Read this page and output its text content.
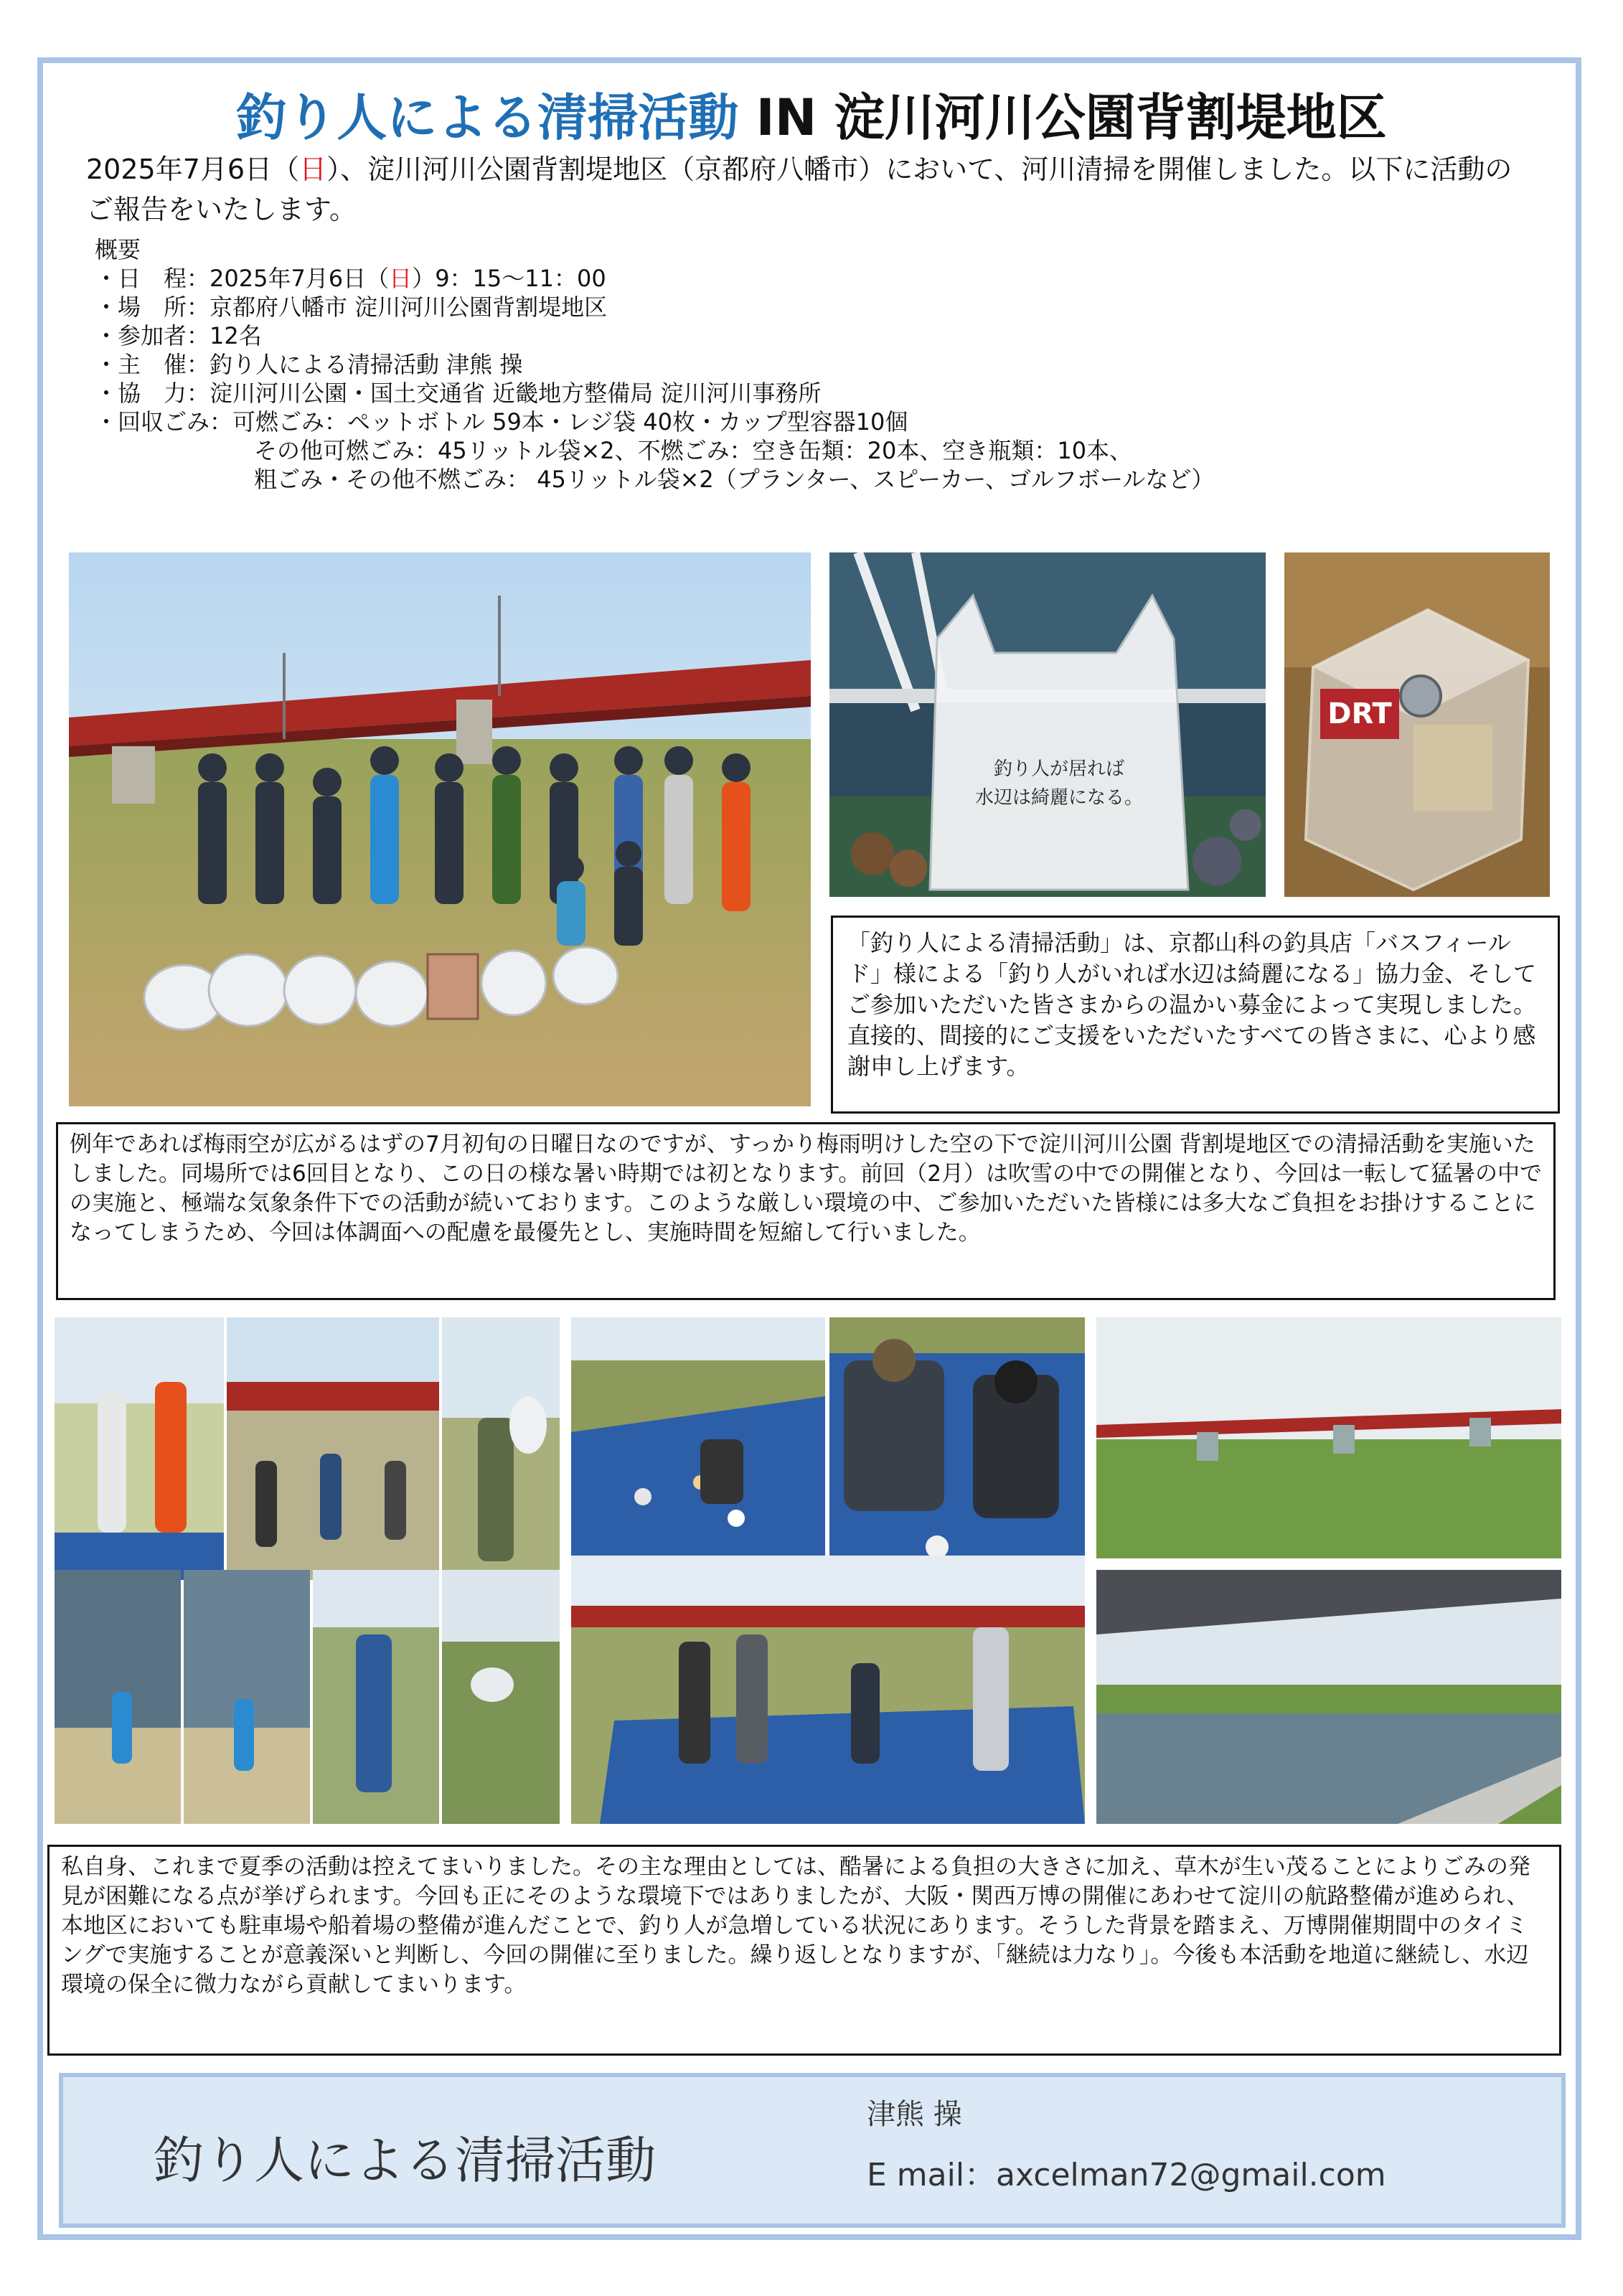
釣り人による清掃活動 IN 淀川河川公園背割堤地区
2025年7月6日（日）、淀川河川公園背割堤地区（京都府八幡市）において、河川清掃を開催しました。以下に活動のご報告をいたします。
概要
・日　程：2025年7月6日（日）9：15〜11：00
・場　所：京都府八幡市 淀川河川公園背割堤地区
・参加者：12名
・主　催：釣り人による清掃活動 津熊 操
・協　力：淀川河川公園・国土交通省 近畿地方整備局 淀川河川事務所
・回収ごみ：可燃ごみ：ペットボトル 59本・レジ袋 40枚・カップ型容器10個
その他可燃ごみ：45リットル袋×2、不燃ごみ：空き缶類：20本、空き瓶類：10本、
粗ごみ・その他不燃ごみ： 45リットル袋×2（プランター、スピーカー、ゴルフボールなど）
釣り人が居れば
水辺は綺麗になる。
DRT
「釣り人による清掃活動」は、京都山科の釣具店「バスフィールド」様による「釣り人がいれば水辺は綺麗になる」協力金、そしてご参加いただいた皆さまからの温かい募金によって実現しました。直接的、間接的にご支援をいただいたすべての皆さまに、心より感謝申し上げます。
例年であれば梅雨空が広がるはずの7月初旬の日曜日なのですが、すっかり梅雨明けした空の下で淀川河川公園 背割堤地区での清掃活動を実施いたしました。同場所では6回目となり、この日の様な暑い時期では初となります。前回（2月）は吹雪の中での開催となり、今回は一転して猛暑の中での実施と、極端な気象条件下での活動が続いております。このような厳しい環境の中、ご参加いただいた皆様には多大なご負担をお掛けすることになってしまうため、今回は体調面への配慮を最優先とし、実施時間を短縮して行いました。
私自身、これまで夏季の活動は控えてまいりました。その主な理由としては、酷暑による負担の大きさに加え、草木が生い茂ることによりごみの発見が困難になる点が挙げられます。今回も正にそのような環境下ではありましたが、大阪・関西万博の開催にあわせて淀川の航路整備が進められ、本地区においても駐車場や船着場の整備が進んだことで、釣り人が急増している状況にあります。そうした背景を踏まえ、万博開催期間中のタイミングで実施することが意義深いと判断し、今回の開催に至りました。繰り返しとなりますが、「継続は力なり」。今後も本活動を地道に継続し、水辺環境の保全に微力ながら貢献してまいります。
釣り人による清掃活動
津熊 操
E mail：axcelman72@gmail.com
